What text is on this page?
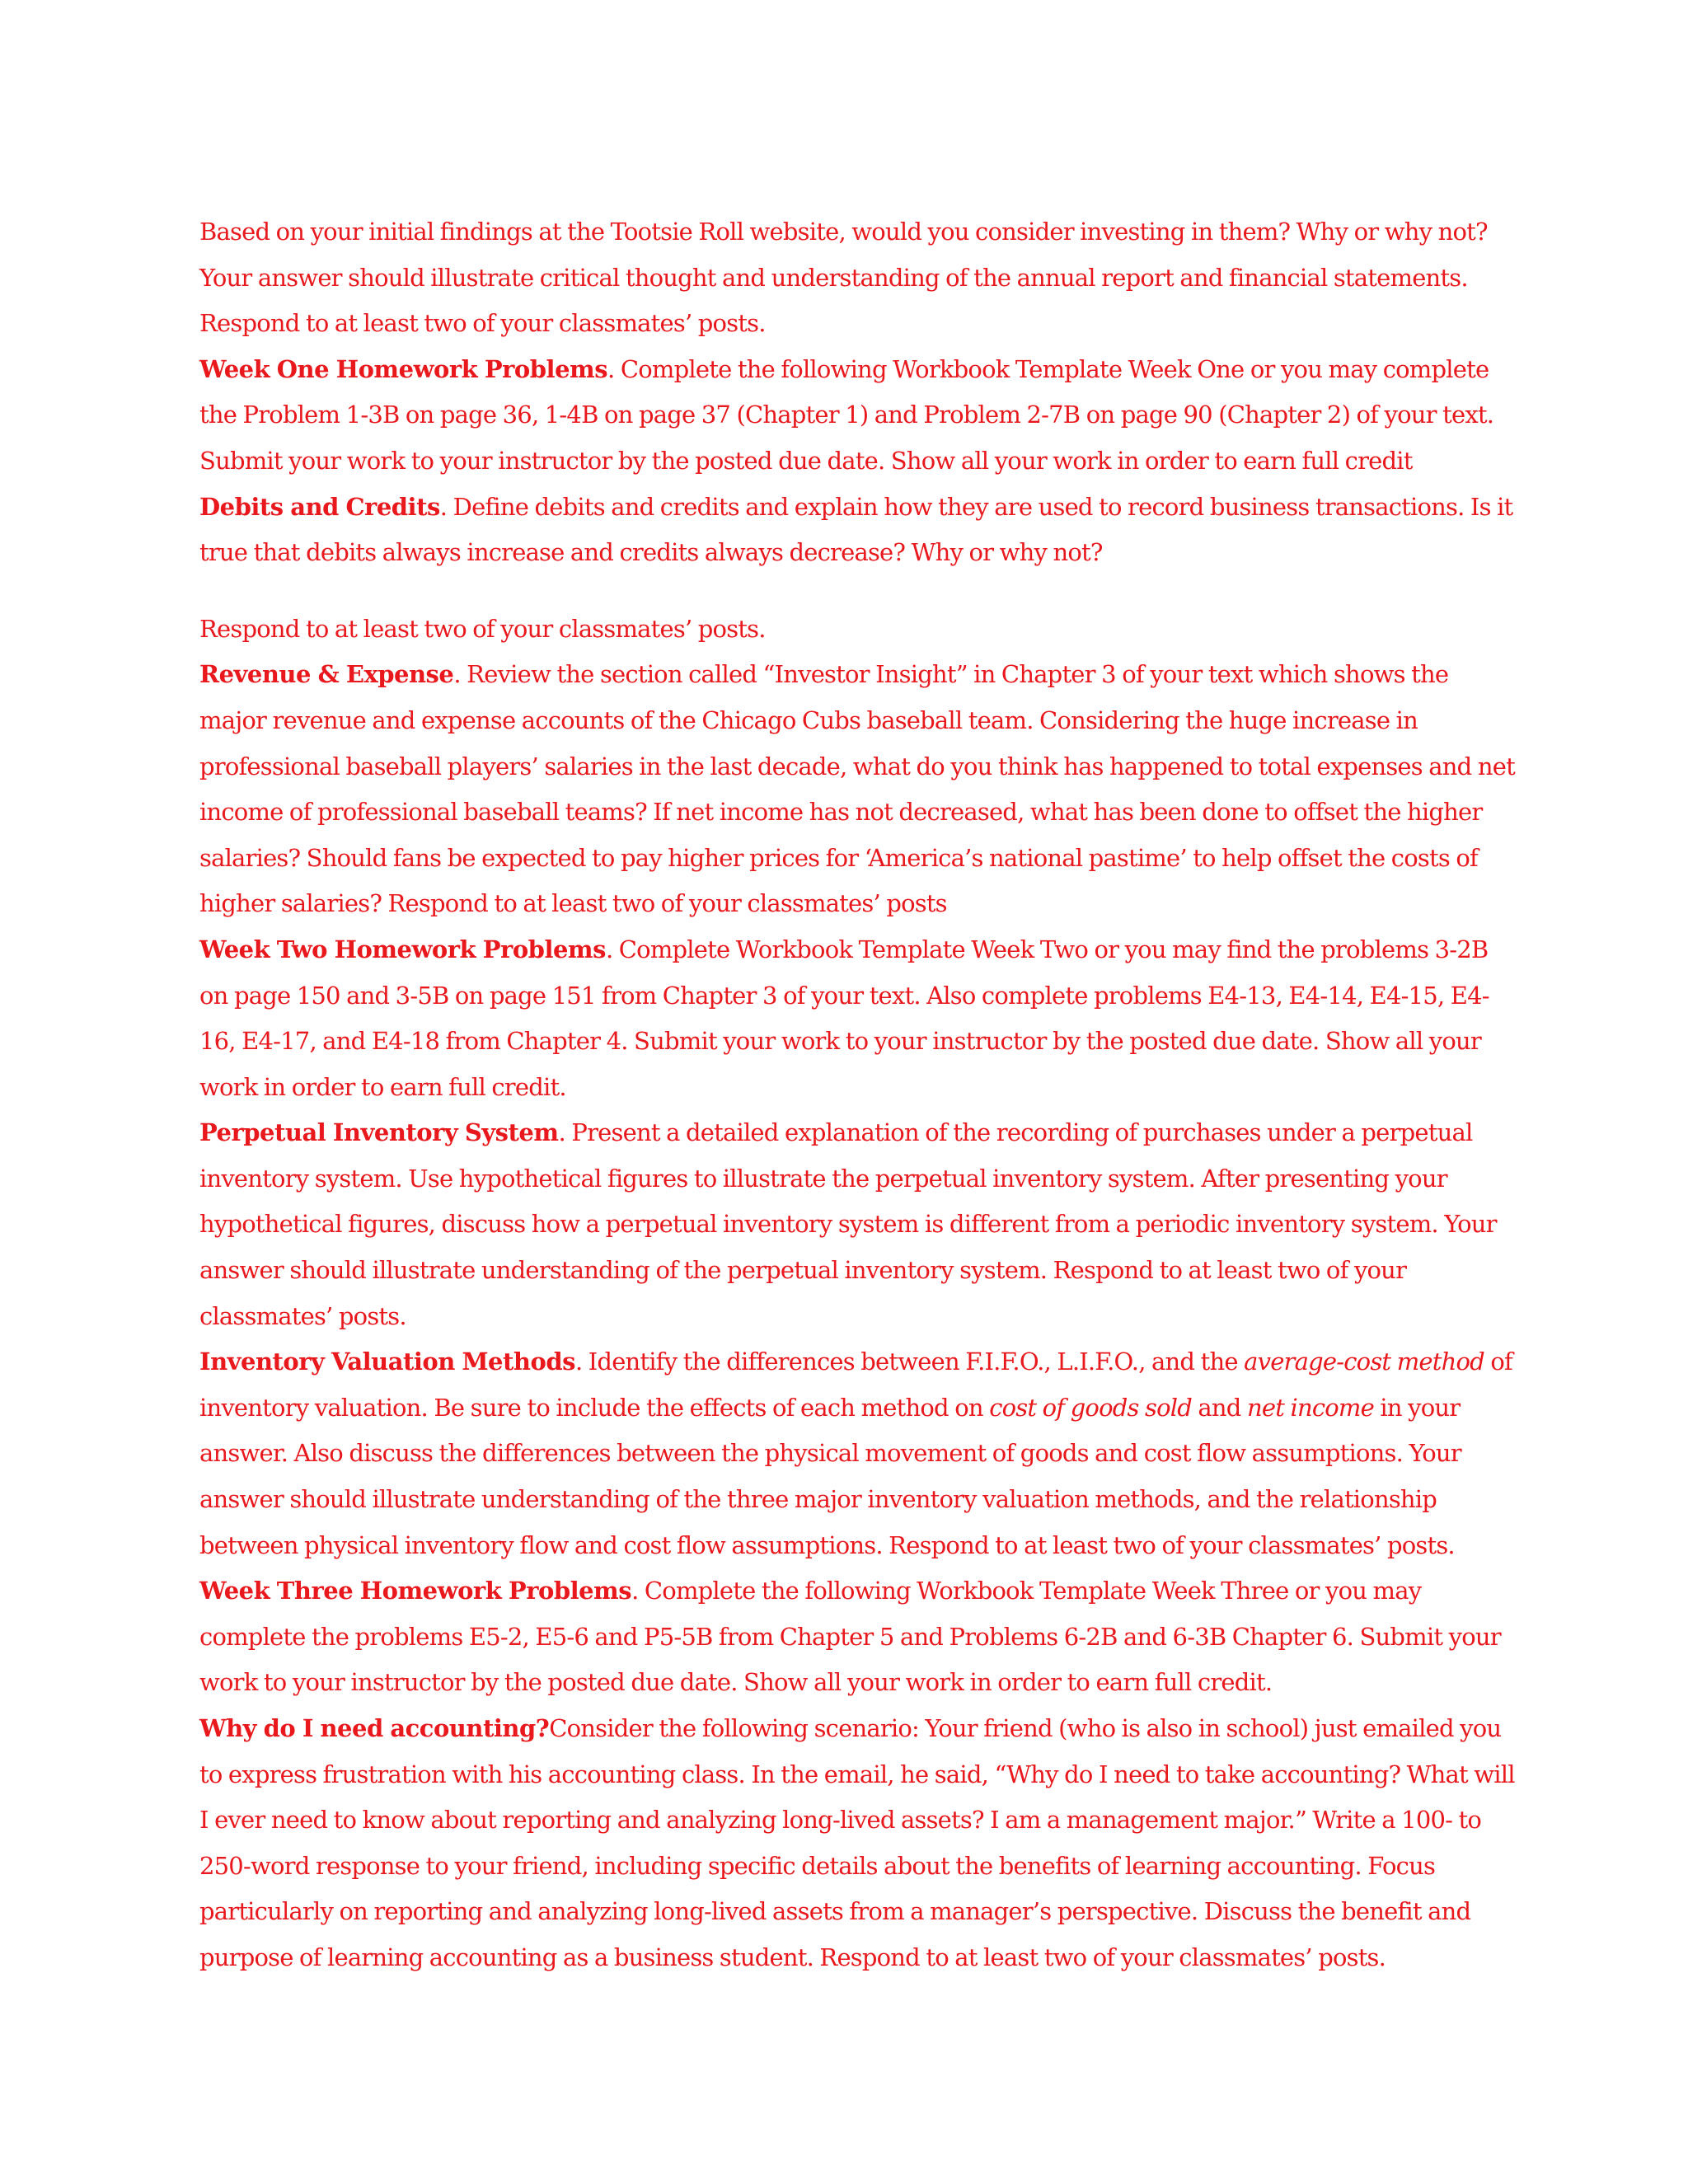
Based on your initial findings at the Tootsie Roll website, would you consider investing in them? Why or why not? Your answer should illustrate critical thought and understanding of the annual report and financial statements.

Respond to at least two of your classmates’ posts.

Week One Homework Problems. Complete the following Workbook Template Week One or you may complete the Problem 1-3B on page 36, 1-4B on page 37 (Chapter 1) and Problem 2-7B on page 90 (Chapter 2) of your text. Submit your work to your instructor by the posted due date. Show all your work in order to earn full credit

Debits and Credits. Define debits and credits and explain how they are used to record business transactions. Is it true that debits always increase and credits always decrease? Why or why not?

Respond to at least two of your classmates’ posts.

Revenue & Expense. Review the section called “Investor Insight” in Chapter 3 of your text which shows the major revenue and expense accounts of the Chicago Cubs baseball team. Considering the huge increase in professional baseball players’ salaries in the last decade, what do you think has happened to total expenses and net income of professional baseball teams? If net income has not decreased, what has been done to offset the higher salaries? Should fans be expected to pay higher prices for ‘America’s national pastime’ to help offset the costs of higher salaries? Respond to at least two of your classmates’ posts

Week Two Homework Problems. Complete Workbook Template Week Two or you may find the problems 3-2B on page 150 and 3-5B on page 151 from Chapter 3 of your text. Also complete problems E4-13, E4-14, E4-15, E4-16, E4-17, and E4-18 from Chapter 4. Submit your work to your instructor by the posted due date. Show all your work in order to earn full credit.

Perpetual Inventory System. Present a detailed explanation of the recording of purchases under a perpetual inventory system. Use hypothetical figures to illustrate the perpetual inventory system. After presenting your hypothetical figures, discuss how a perpetual inventory system is different from a periodic inventory system. Your answer should illustrate understanding of the perpetual inventory system. Respond to at least two of your classmates’ posts.

Inventory Valuation Methods. Identify the differences between F.I.F.O., L.I.F.O., and the average-cost method of inventory valuation. Be sure to include the effects of each method on cost of goods sold and net income in your answer. Also discuss the differences between the physical movement of goods and cost flow assumptions. Your answer should illustrate understanding of the three major inventory valuation methods, and the relationship between physical inventory flow and cost flow assumptions. Respond to at least two of your classmates’ posts.

Week Three Homework Problems. Complete the following Workbook Template Week Three or you may complete the problems E5-2, E5-6 and P5-5B from Chapter 5 and Problems 6-2B and 6-3B Chapter 6. Submit your work to your instructor by the posted due date. Show all your work in order to earn full credit.

Why do I need accounting?Consider the following scenario: Your friend (who is also in school) just emailed you to express frustration with his accounting class. In the email, he said, “Why do I need to take accounting? What will I ever need to know about reporting and analyzing long-lived assets? I am a management major.” Write a 100- to 250-word response to your friend, including specific details about the benefits of learning accounting. Focus particularly on reporting and analyzing long-lived assets from a manager’s perspective. Discuss the benefit and purpose of learning accounting as a business student. Respond to at least two of your classmates’ posts.
